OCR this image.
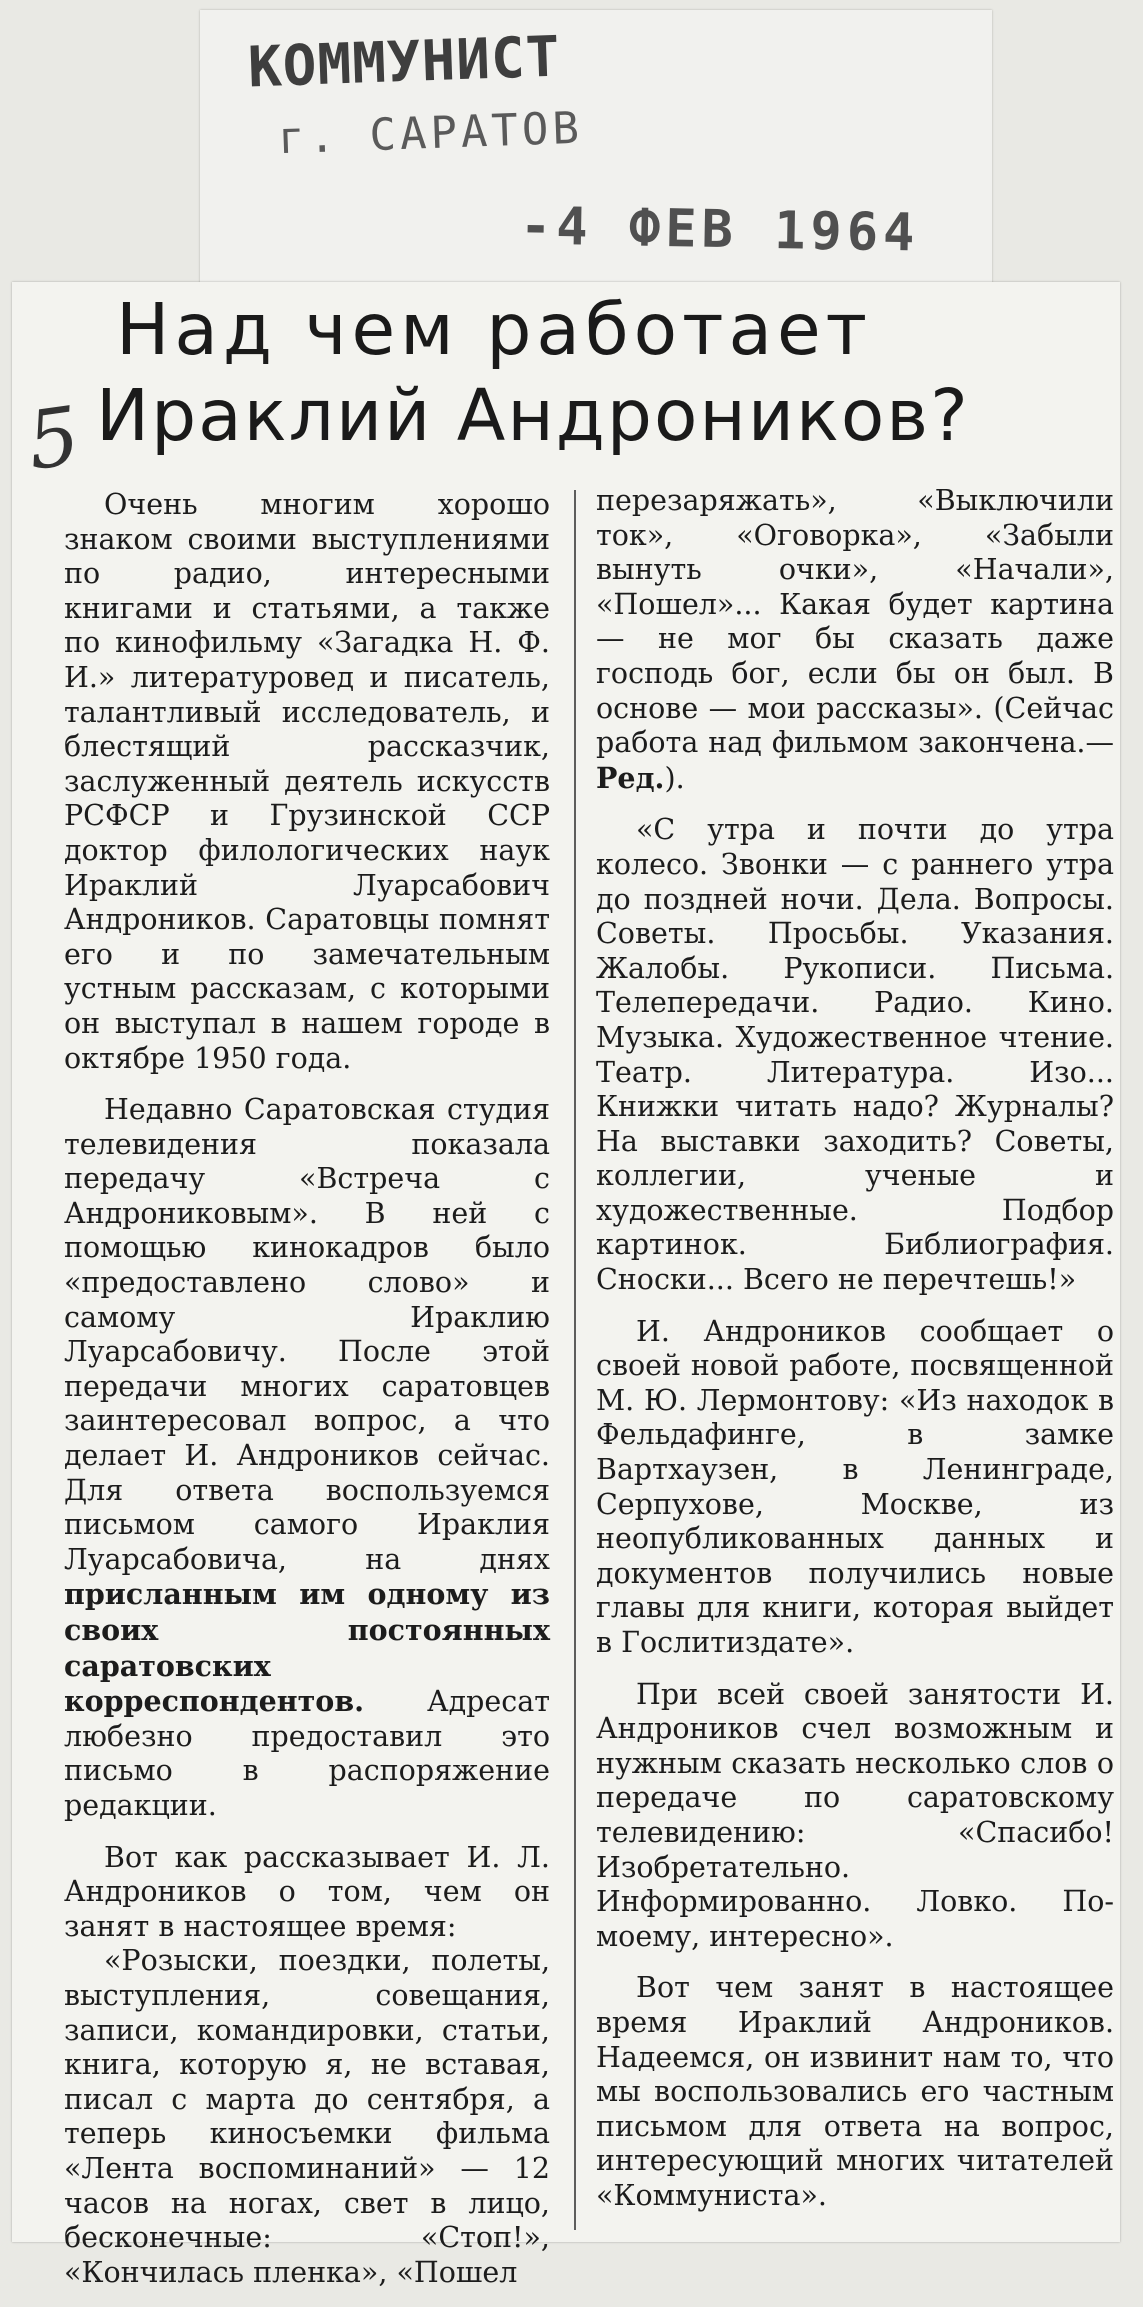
КОММУНИСТ
г. САРАТОВ
-4 ФЕВ 1964
5
Над чем работает
Ираклий Андроников?

Очень многим хорошо знаком своими выступлениями по радио, интересными книгами и статьями, а также по кинофильму «Загадка Н. Ф. И.» литературовед и писатель, талантливый исследователь, и блестящий рассказчик, заслуженный деятель искусств РСФСР и Грузинской ССР доктор филологических наук Ираклий Луарсабович Андроников. Саратовцы помнят его и по замечательным устным рассказам, с которыми он выступал в нашем городе в октябре 1950 года.

Недавно Саратовская студия телевидения показала передачу «Встреча с Андрониковым». В ней с помощью кинокадров было «предоставлено слово» и самому Ираклию Луарсабовичу. После этой передачи многих саратовцев заинтересовал вопрос, а что делает И. Андроников сейчас. Для ответа воспользуемся письмом самого Ираклия Луарсабовича, на днях присланным им одному из своих постоянных саратовских корреспондентов. Адресат любезно предоставил это письмо в распоряжение редакции.

Вот как рассказывает И. Л. Андроников о том, чем он занят в настоящее время:

«Розыски, поездки, полеты, выступления, совещания, записи, командировки, статьи, книга, которую я, не вставая, писал с марта до сентября, а теперь киносъемки фильма «Лента воспоминаний» — 12 часов на ногах, свет в лицо, бесконечные: «Стоп!», «Кончилась пленка», «Пошел

перезаряжать», «Выключили ток», «Оговорка», «Забыли вынуть очки», «Начали», «Пошел»... Какая будет картина — не мог бы сказать даже господь бог, если бы он был. В основе — мои рассказы». (Сейчас работа над фильмом закончена.—Ред.).

«С утра и почти до утра колесо. Звонки — с раннего утра до поздней ночи. Дела. Вопросы. Советы. Просьбы. Указания. Жалобы. Рукописи. Письма. Телепередачи. Радио. Кино. Музыка. Художественное чтение. Театр. Литература. Изо... Книжки читать надо? Журналы? На выставки заходить? Советы, коллегии, ученые и художественные. Подбор картинок. Библиография. Сноски... Всего не перечтешь!»

И. Андроников сообщает о своей новой работе, посвященной М. Ю. Лермонтову: «Из находок в Фельдафинге, в замке Вартхаузен, в Ленинграде, Серпухове, Москве, из неопубликованных данных и документов получились новые главы для книги, которая выйдет в Гослитиздате».

При всей своей занятости И. Андроников счел возможным и нужным сказать несколько слов о передаче по саратовскому телевидению: «Спасибо! Изобретательно. Информированно. Ловко. По-моему, интересно».

Вот чем занят в настоящее время Ираклий Андроников. Надеемся, он извинит нам то, что мы воспользовались его частным письмом для ответа на вопрос, интересующий многих читателей «Коммуниста».
